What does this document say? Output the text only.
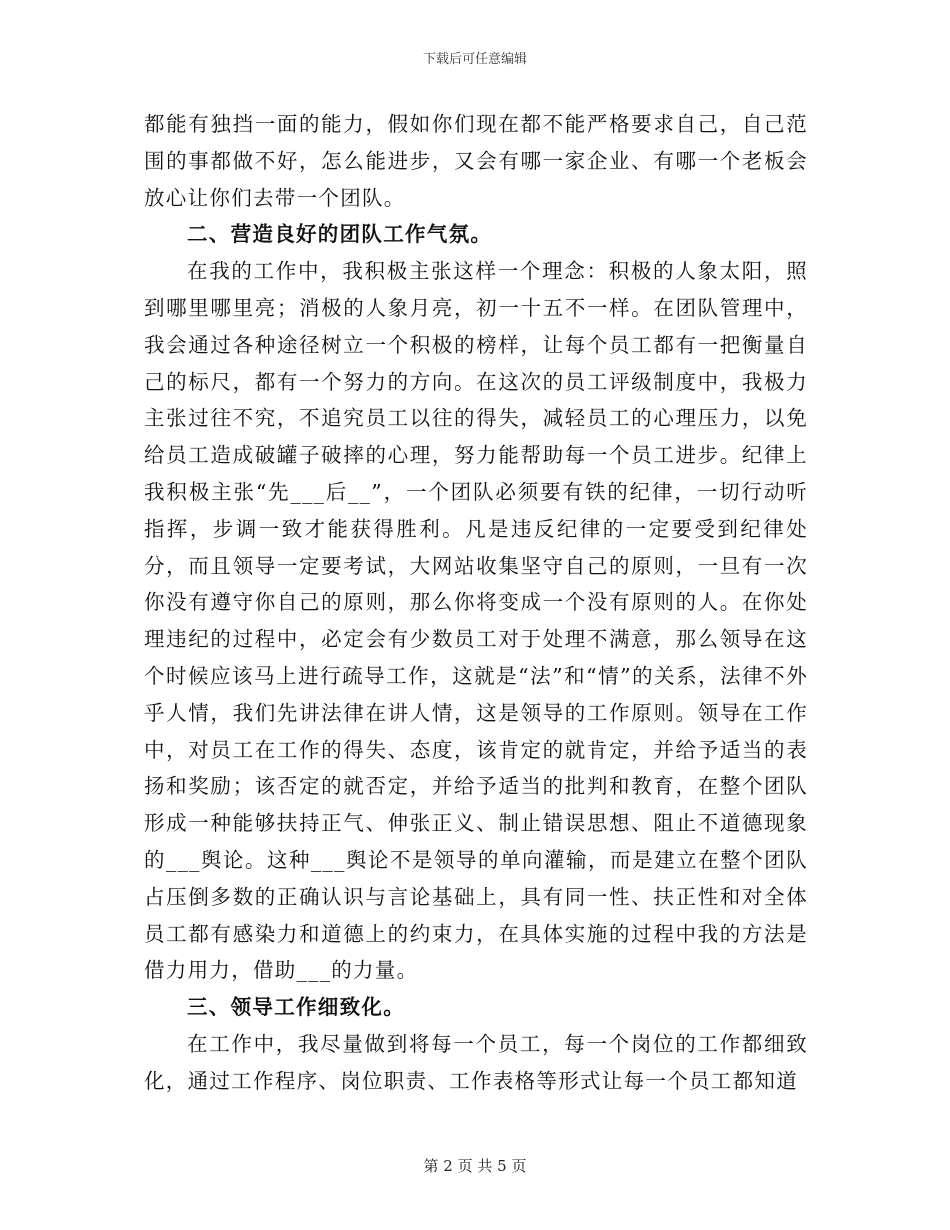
下载后可任意编辑

都能有独挡一面的能力，假如你们现在都不能严格要求自己，自己范围的事都做不好，怎么能进步，又会有哪一家企业、有哪一个老板会放心让你们去带一个团队。

二、营造良好的团队工作气氛。

在我的工作中，我积极主张这样一个理念：积极的人象太阳，照到哪里哪里亮；消极的人象月亮，初一十五不一样。在团队管理中，我会通过各种途径树立一个积极的榜样，让每个员工都有一把衡量自己的标尺，都有一个努力的方向。在这次的员工评级制度中，我极力主张过往不究，不追究员工以往的得失，减轻员工的心理压力，以免给员工造成破罐子破摔的心理，努力能帮助每一个员工进步。纪律上我积极主张“先___后__”，一个团队必须要有铁的纪律，一切行动听指挥，步调一致才能获得胜利。凡是违反纪律的一定要受到纪律处分，而且领导一定要考试，大网站收集坚守自己的原则，一旦有一次你没有遵守你自己的原则，那么你将变成一个没有原则的人。在你处理违纪的过程中，必定会有少数员工对于处理不满意，那么领导在这个时候应该马上进行疏导工作，这就是“法”和“情”的关系，法律不外乎人情，我们先讲法律在讲人情，这是领导的工作原则。领导在工作中，对员工在工作的得失、态度，该肯定的就肯定，并给予适当的表扬和奖励；该否定的就否定，并给予适当的批判和教育，在整个团队形成一种能够扶持正气、伸张正义、制止错误思想、阻止不道德现象的___舆论。这种___舆论不是领导的单向灌输，而是建立在整个团队占压倒多数的正确认识与言论基础上，具有同一性、扶正性和对全体员工都有感染力和道德上的约束力，在具体实施的过程中我的方法是借力用力，借助___的力量。

三、领导工作细致化。

在工作中，我尽量做到将每一个员工，每一个岗位的工作都细致化，通过工作程序、岗位职责、工作表格等形式让每一个员工都知道

第 2 页 共 5 页
